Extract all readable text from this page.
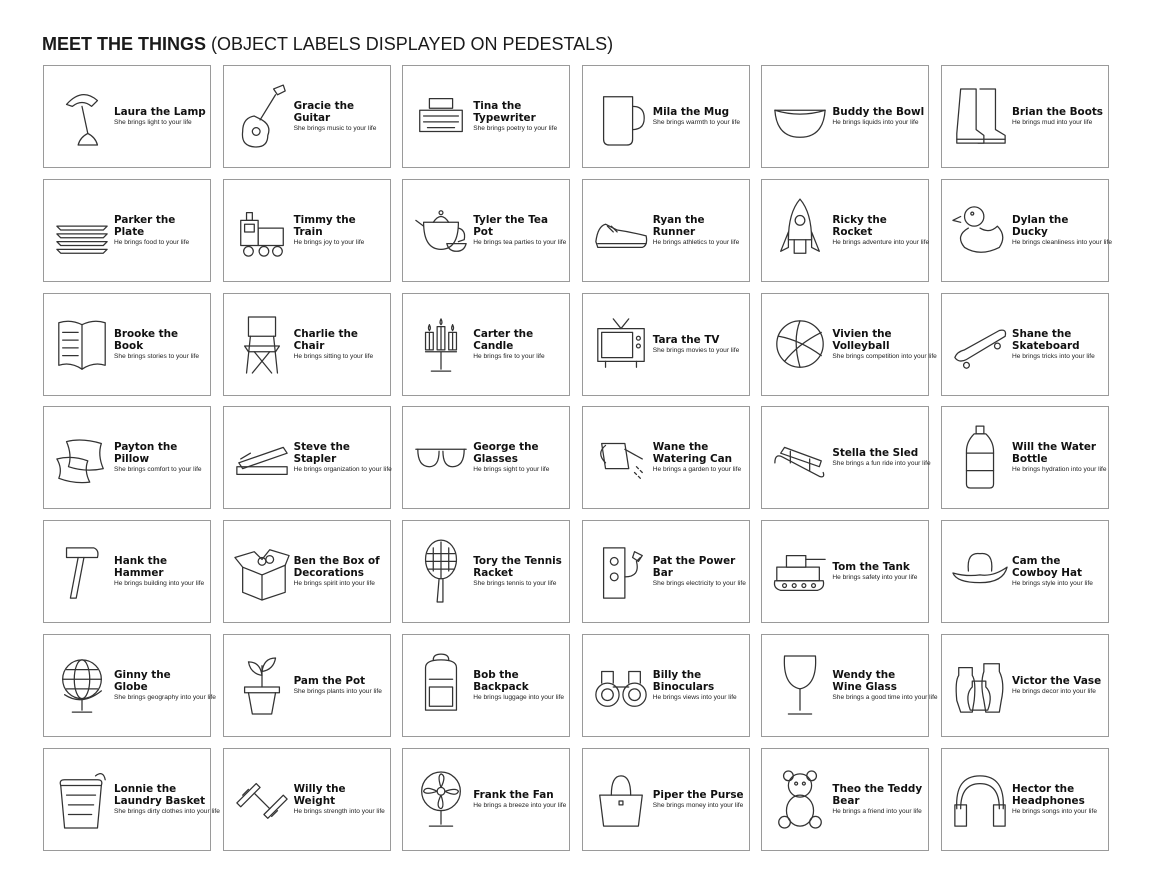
MEET THE THINGS (OBJECT LABELS DISPLAYED ON PEDESTALS)
Laura the Lamp
She brings light to your life
Gracie the Guitar
She brings music to your life
Tina the Typewriter
She brings poetry to your life
Mila the Mug
She brings warmth to your life
Buddy the Bowl
He brings liquids into your life
Brian the Boots
He brings mud into your life
Parker the Plate
He brings food to your life
Timmy the Train
He brings joy to your life
Tyler the Tea Pot
He brings tea parties to your life
Ryan the Runner
He brings athletics to your life
Ricky the Rocket
He brings adventure into your life
Dylan the Ducky
He brings cleanliness into your life
Brooke the Book
She brings stories to your life
Charlie the Chair
He brings sitting to your life
Carter the Candle
He brings fire to your life
Tara the TV
She brings movies to your life
Vivien the Volleyball
She brings competition into your life
Shane the Skateboard
He brings tricks into your life
Payton the Pillow
She brings comfort to your life
Steve the Stapler
He brings organization to your life
George the Glasses
He brings sight to your life
Wane the Watering Can
He brings a garden to your life
Stella the Sled
She brings a fun ride into your life
Will the Water Bottle
He brings hydration into your life
Hank the Hammer
He brings building into your life
Ben the Box of Decorations
He brings spirit into your life
Tory the Tennis Racket
She brings tennis to your life
Pat the Power Bar
She brings electricity to your life
Tom the Tank
He brings safety into your life
Cam the Cowboy Hat
He brings style into your life
Ginny the Globe
She brings geography into your life
Pam the Pot
She brings plants into your life
Bob the Backpack
He brings luggage into your life
Billy the Binoculars
He brings views into your life
Wendy the Wine Glass
She brings a good time into your life
Victor the Vase
He brings decor into your life
Lonnie the Laundry Basket
She brings dirty clothes into your life
Willy the Weight
He brings strength into your life
Frank the Fan
He brings a breeze into your life
Piper the Purse
She brings money into your life
Theo the Teddy Bear
He brings a friend into your life
Hector the Headphones
He brings songs into your life
